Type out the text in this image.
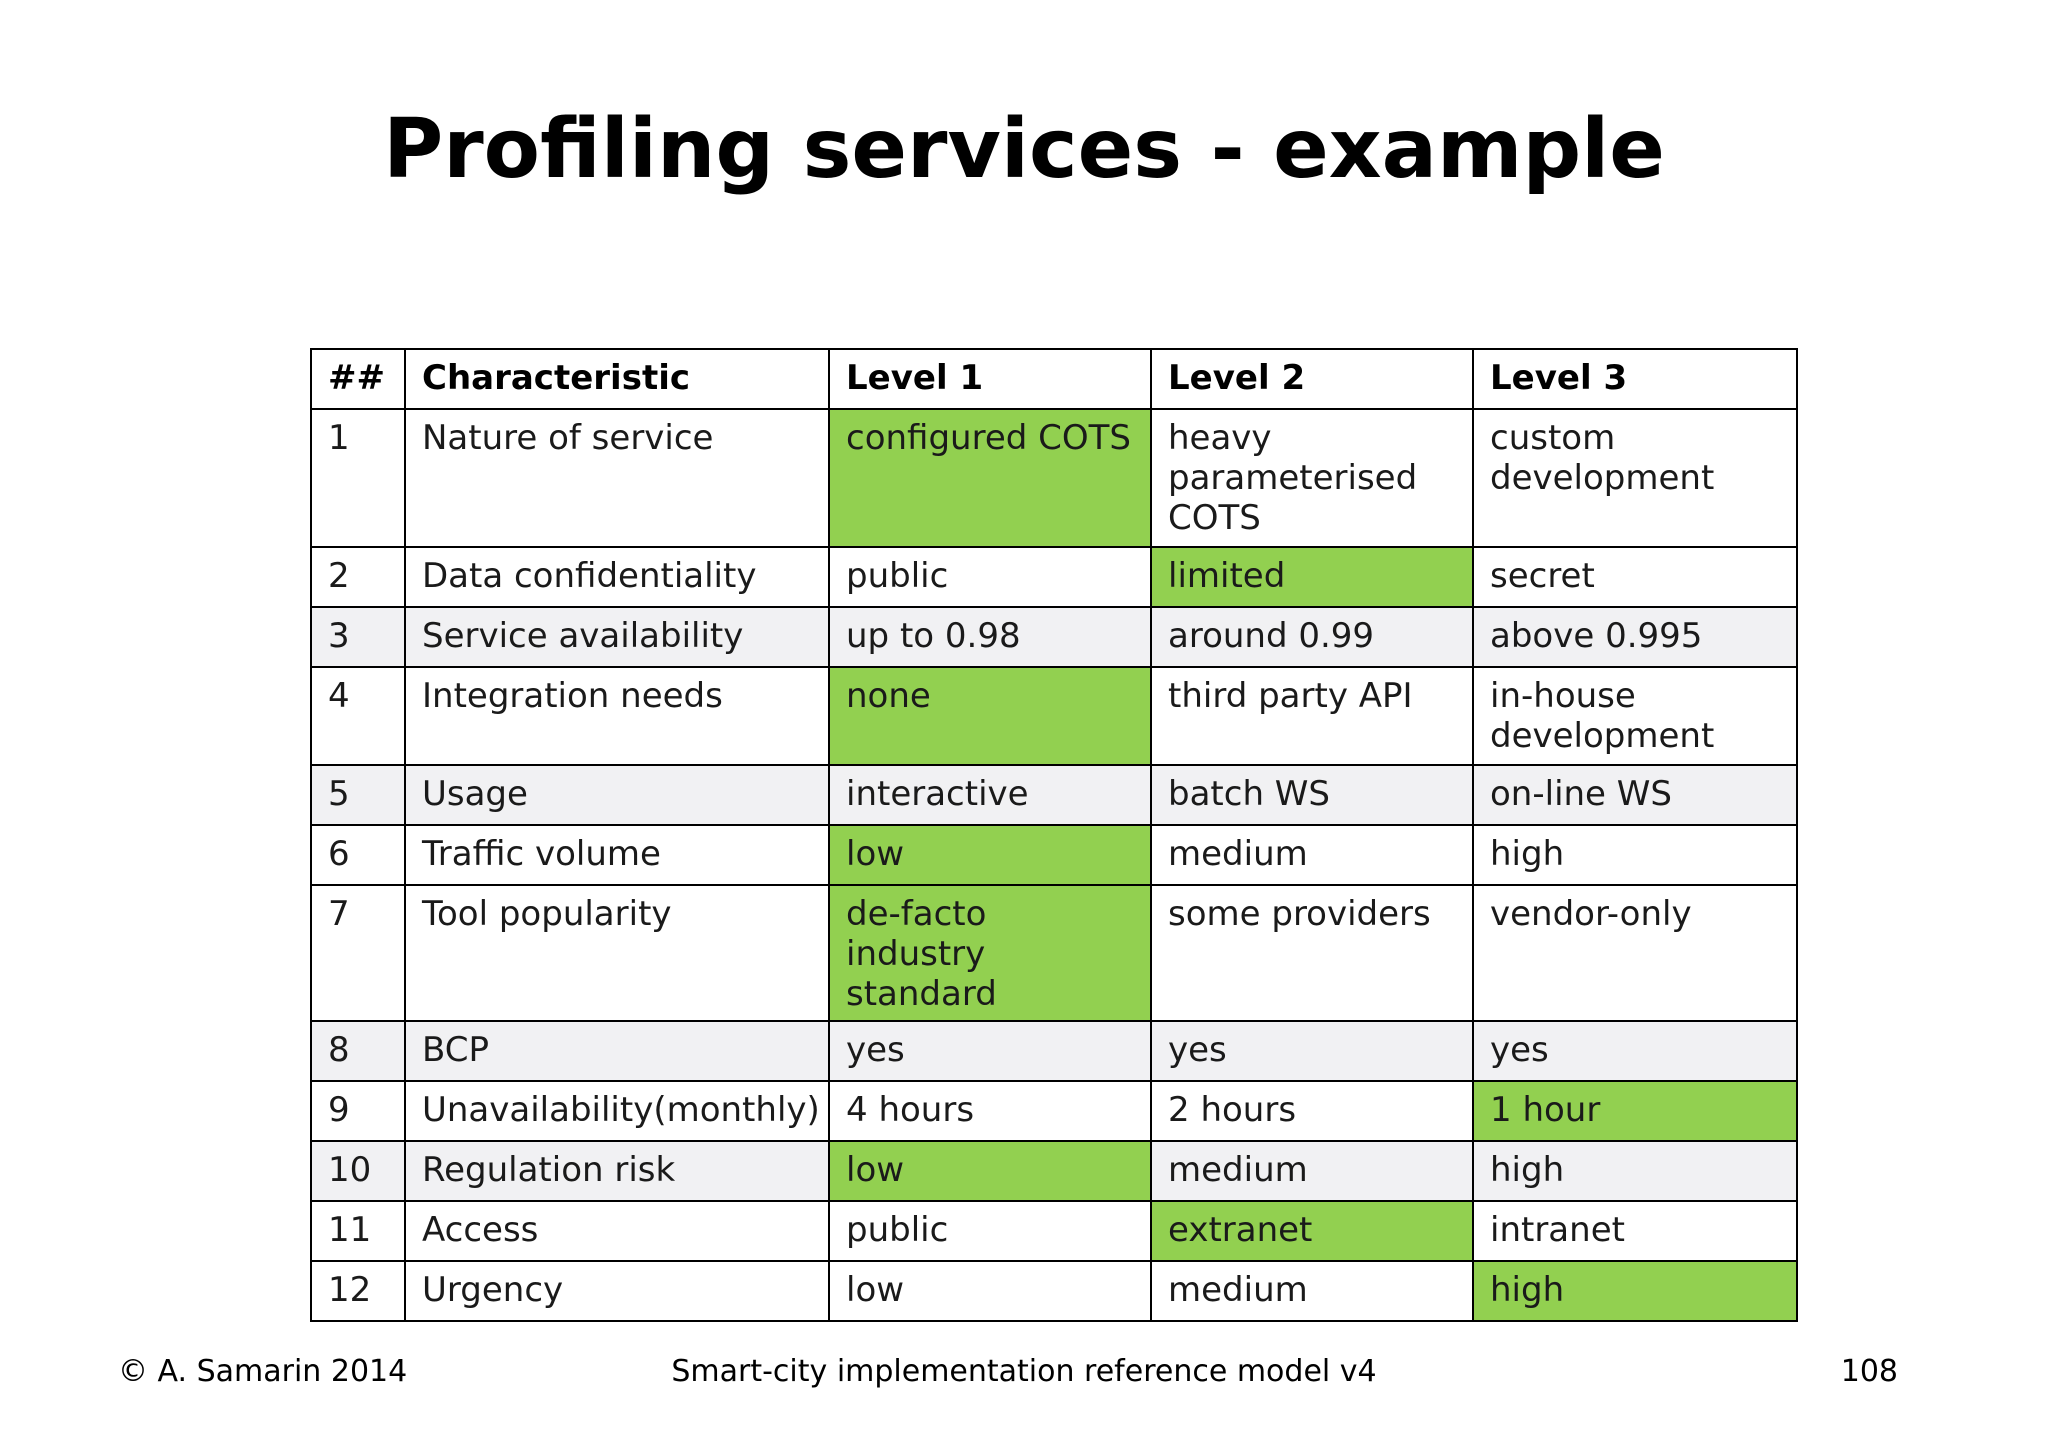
Profiling services - example
##	Characteristic	Level 1	Level 2	Level 3
1	Nature of service	configured COTS	heavy parameterised COTS	custom development
2	Data confidentiality	public	limited	secret
3	Service availability	up to 0.98	around 0.99	above 0.995
4	Integration needs	none	third party API	in-house development
5	Usage	interactive	batch WS	on-line WS
6	Traffic volume	low	medium	high
7	Tool popularity	de-facto industry standard	some providers	vendor-only
8	BCP	yes	yes	yes
9	Unavailability(monthly)	4 hours	2 hours	1 hour
10	Regulation risk	low	medium	high
11	Access	public	extranet	intranet
12	Urgency	low	medium	high
© A. Samarin 2014	Smart-city implementation reference model v4	108
